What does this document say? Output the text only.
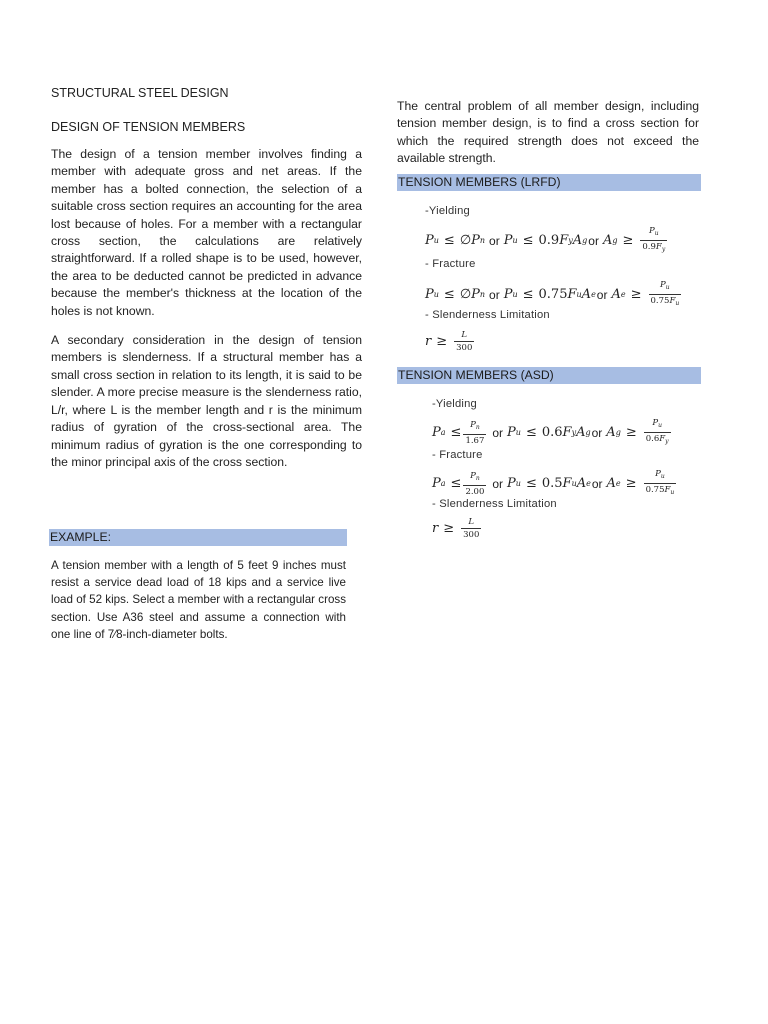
STRUCTURAL STEEL DESIGN

DESIGN OF TENSION MEMBERS

The design of a tension member involves finding a member with adequate gross and net areas. If the member has a bolted connection, the selection of a suitable cross section requires an accounting for the area lost because of holes. For a member with a rectangular cross section, the calculations are relatively straightforward. If a rolled shape is to be used, however, the area to be deducted cannot be predicted in advance because the member's thickness at the location of the holes is not known.

A secondary consideration in the design of tension members is slenderness. If a structural member has a small cross section in relation to its length, it is said to be slender. A more precise measure is the slenderness ratio, L/r, where L is the member length and r is the minimum radius of gyration of the cross-sectional area. The minimum radius of gyration is the one corresponding to the minor principal axis of the cross section.

EXAMPLE:

A tension member with a length of 5 feet 9 inches must resist a service dead load of 18 kips and a service live load of 52 kips. Select a member with a rectangular cross section. Use A36 steel and assume a connection with one line of 7⁄8-inch-diameter bolts.

The central problem of all member design, including tension member design, is to find a cross section for which the required strength does not exceed the available strength.

TENSION MEMBERS (LRFD)
-Yielding
P u ≤ ∅ P n or P u ≤ 0.9 F y A g or A $g \ge \frac{P_u}{0.9F_y}$
- Fracture
P u ≤ ∅ P n or P u ≤ 0.75 F u A e or A $e \ge \frac{P_u}{0.75F_u}$
- Slenderness Limitation
$r \ge \frac{L}{300}$
TENSION MEMBERS (ASD)
-Yielding
P $a \le \frac{P_n}{1.67}$ or P u ≤ 0.6 F y A g or A $g \ge \frac{P_u}{0.6F_y}$
- Fracture
P $a \le \frac{P_n}{2.00}$ or P u ≤ 0.5 F u A e or A $e \ge \frac{P_u}{0.75F_u}$
- Slenderness Limitation
$r \ge \frac{L}{300}$
